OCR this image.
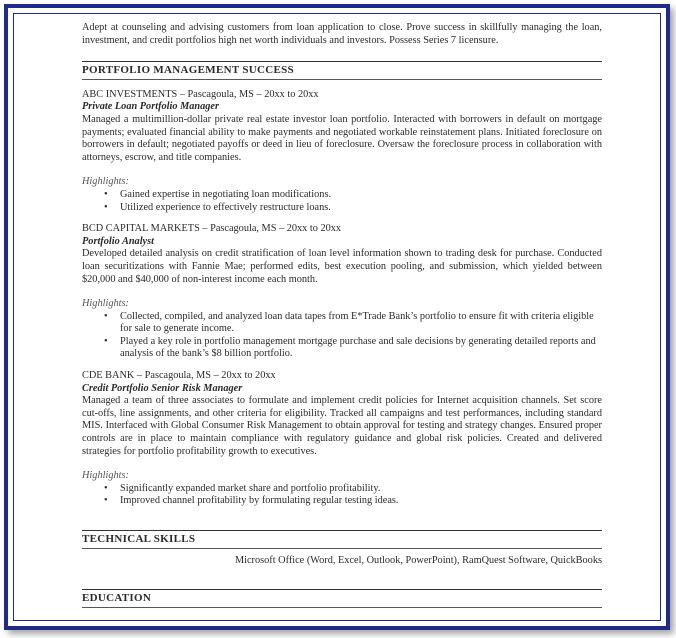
Adept at counseling and advising customers from loan application to close. Prove success in skillfully managing the loan, investment, and credit portfolios high net worth individuals and investors. Possess Series 7 licensure.

PORTFOLIO MANAGEMENT SUCCESS

ABC INVESTMENTS – Pascagoula, MS – 20xx to 20xx

Private Loan Portfolio Manager

Managed a multimillion-dollar private real estate investor loan portfolio. Interacted with borrowers in default on mortgage payments; evaluated financial ability to make payments and negotiated workable reinstatement plans. Initiated foreclosure on borrowers in default; negotiated payoffs or deed in lieu of foreclosure. Oversaw the foreclosure process in collaboration with attorneys, escrow, and title companies.

Highlights:

• Gained expertise in negotiating loan modifications.
• Utilized experience to effectively restructure loans.

BCD CAPITAL MARKETS – Pascagoula, MS – 20xx to 20xx

Portfolio Analyst

Developed detailed analysis on credit stratification of loan level information shown to trading desk for purchase. Conducted loan securitizations with Fannie Mae; performed edits, best execution pooling, and submission, which yielded between $20,000 and $40,000 of non-interest income each month.

Highlights:

• Collected, compiled, and analyzed loan data tapes from E*Trade Bank’s portfolio to ensure fit with criteria eligible for sale to generate income.
• Played a key role in portfolio management mortgage purchase and sale decisions by generating detailed reports and analysis of the bank’s $8 billion portfolio.

CDE BANK – Pascagoula, MS – 20xx to 20xx

Credit Portfolio Senior Risk Manager

Managed a team of three associates to formulate and implement credit policies for Internet acquisition channels. Set score cut-offs, line assignments, and other criteria for eligibility. Tracked all campaigns and test performances, including standard MIS. Interfaced with Global Consumer Risk Management to obtain approval for testing and strategy changes. Ensured proper controls are in place to maintain compliance with regulatory guidance and global risk policies. Created and delivered strategies for portfolio profitability growth to executives.

Highlights:

• Significantly expanded market share and portfolio profitability.
• Improved channel profitability by formulating regular testing ideas.
TECHNICAL SKILLS

Microsoft Office (Word, Excel, Outlook, PowerPoint), RamQuest Software, QuickBooks

EDUCATION
